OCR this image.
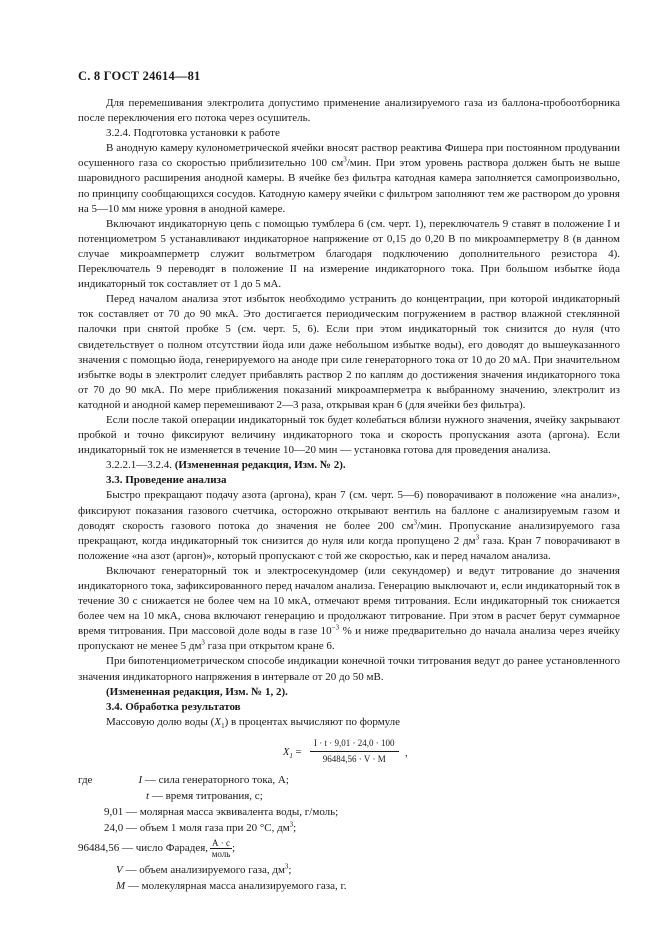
С. 8 ГОСТ 24614—81

Для перемешивания электролита допустимо применение анализируемого газа из баллона-пробоотборника после переключения его потока через осушитель.

3.2.4. Подготовка установки к работе

В анодную камеру кулонометрической ячейки вносят раствор реактива Фишера при постоянном продувании осушенного газа со скоростью приблизительно 100 $см^3$/мин. При этом уровень раствора должен быть не выше шаровидного расширения анодной камеры. В ячейке без фильтра катодная камера заполняется самопроизвольно, по принципу сообщающихся сосудов. Катодную камеру ячейки с фильтром заполняют тем же раствором до уровня на 5—10 мм ниже уровня в анодной камере.

Включают индикаторную цепь с помощью тумблера 6 (см. черт. 1), переключатель 9 ставят в положение I и потенциометром 5 устанавливают индикаторное напряжение от 0,15 до 0,20 В по микроамперметру 8 (в данном случае микроамперметр служит вольтметром благодаря подключению дополнительного резистора 4). Переключатель 9 переводят в положение II на измерение индикаторного тока. При большом избытке йода индикаторный ток составляет от 1 до 5 мА.

Перед началом анализа этот избыток необходимо устранить до концентрации, при которой индикаторный ток составляет от 70 до 90 мкА. Это достигается периодическим погружением в раствор влажной стеклянной палочки при снятой пробке 5 (см. черт. 5, 6). Если при этом индикаторный ток снизится до нуля (что свидетельствует о полном отсутствии йода или даже небольшом избытке воды), его доводят до вышеуказанного значения с помощью йода, генерируемого на аноде при силе генераторного тока от 10 до 20 мА. При значительном избытке воды в электролит следует прибавлять раствор 2 по каплям до достижения значения индикаторного тока от 70 до 90 мкА. По мере приближения показаний микроамперметра к выбранному значению, электролит из катодной и анодной камер перемешивают 2—3 раза, открывая кран 6 (для ячейки без фильтра).

Если после такой операции индикаторный ток будет колебаться вблизи нужного значения, ячейку закрывают пробкой и точно фиксируют величину индикаторного тока и скорость пропускания азота (аргона). Если индикаторный ток не изменяется в течение 10—20 мин — установка готова для проведения анализа.

3.2.2.1—3.2.4. (Измененная редакция, Изм. № 2).

3.3. Проведение анализа

Быстро прекращают подачу азота (аргона), кран 7 (см. черт. 5—6) поворачивают в положение «на анализ», фиксируют показания газового счетчика, осторожно открывают вентиль на баллоне с анализируемым газом и доводят скорость газового потока до значения не более 200 $см^3$/мин. Пропускание анализируемого газа прекращают, когда индикаторный ток снизится до нуля или когда пропущено 2 $дм^3$ газа. Кран 7 поворачивают в положение «на азот (аргон)», который пропускают с той же скоростью, как и перед началом анализа.

Включают генераторный ток и электросекундомер (или секундомер) и ведут титрование до значения индикаторного тока, зафиксированного перед началом анализа. Генерацию выключают и, если индикаторный ток в течение 30 с снижается не более чем на 10 мкА, отмечают время титрования. Если индикаторный ток снижается более чем на 10 мкА, снова включают генерацию и продолжают титрование. При этом в расчет берут суммарное время титрования. При массовой доле воды в газе $10^{-3}$ % и ниже предварительно до начала анализа через ячейку пропускают не менее 5 $дм^3$ газа при открытом кране 6.

При бипотенциометрическом способе индикации конечной точки титрования ведут до ранее установленного значения индикаторного напряжения в интервале от 20 до 50 мВ.

(Измененная редакция, Изм. № 1, 2).

3.4. Обработка результатов

Массовую долю воды $(X_1)$ в процентах вычисляют по формуле

$X_1 = \frac{I \cdot t \cdot 9,01 \cdot 24,0 \cdot 100}{96484,56 \cdot V \cdot M}$ ,
где	I — сила генераторного тока, А;
t — время титрования, с;
9,01 — молярная масса эквивалента воды, г/моль;
24,0 — объем 1 моля газа при 20 °С, $дм^3$;
96484,56 — число Фарадея, А · с
моль ;
V — объем анализируемого газа, $дм^3$;
M — молекулярная масса анализируемого газа, г.
